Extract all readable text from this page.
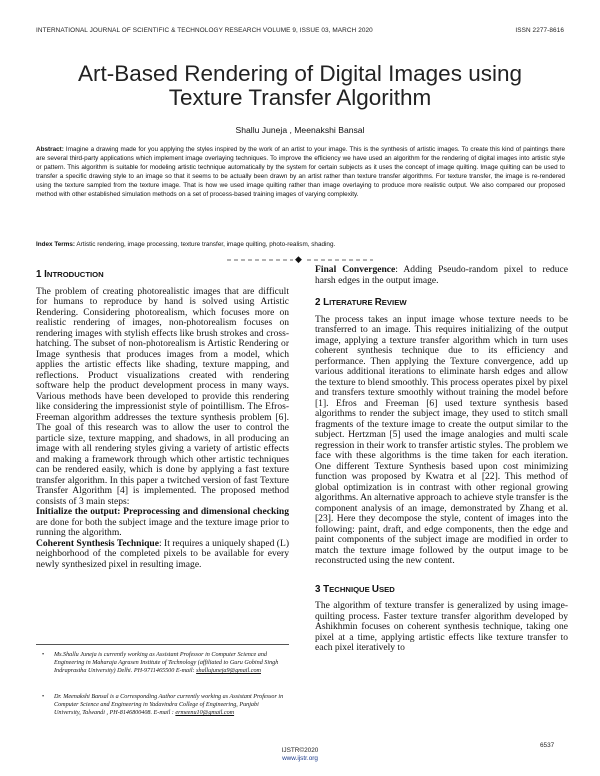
INTERNATIONAL JOURNAL OF SCIENTIFIC & TECHNOLOGY RESEARCH VOLUME 9, ISSUE 03, MARCH 2020	ISSN 2277-8616
Art-Based Rendering of Digital Images using
Texture Transfer Algorithm
Shallu Juneja , Meenakshi Bansal
Abstract: Imagine a drawing made for you applying the styles inspired by the work of an artist to your image. This is the synthesis of artistic images. To create this kind of paintings there are several third-party applications which implement image overlaying techniques. To improve the efficiency we have used an algorithm for the rendering of digital images into artistic style or pattern. This algorithm is suitable for modeling artistic technique automatically by the system for certain subjects as it uses the concept of image quilting. Image quilting can be used to transfer a specific drawing style to an image so that it seems to be actually been drawn by an artist rather than texture transfer algorithms. For texture transfer, the image is re-rendered using the texture sampled from the texture image. That is how we used image quilting rather than image overlaying to produce more realistic output. We also compared our proposed method with other established simulation methods on a set of process-based training images of varying complexity.
Index Terms: Artistic rendering, image processing, texture transfer, image quilting, photo-realism, shading.
◆
1 INTRODUCTION

The problem of creating photorealistic images that are difficult for humans to reproduce by hand is solved using Artistic Rendering. Considering photorealism, which focuses more on realistic rendering of images, non-photorealism focuses on rendering images with stylish effects like brush strokes and cross-hatching. The subset of non-photorealism is Artistic Rendering or Image synthesis that produces images from a model, which applies the artistic effects like shading, texture mapping, and reflections. Product visualizations created with rendering software help the product development process in many ways. Various methods have been developed to provide this rendering like considering the impressionist style of pointillism. The Efros-Freeman algorithm addresses the texture synthesis problem [6]. The goal of this research was to allow the user to control the particle size, texture mapping, and shadows, in all producing an image with all rendering styles giving a variety of artistic effects and making a framework through which other artistic techniques can be rendered easily, which is done by applying a fast texture transfer algorithm. In this paper a twitched version of fast Texture Transfer Algorithm [4] is implemented. The proposed method consists of 3 main steps:

Initialize the output: Preprocessing and dimensional checking are done for both the subject image and the texture image prior to running the algorithm.

Coherent Synthesis Technique: It requires a uniquely shaped (L) neighborhood of the completed pixels to be available for every newly synthesized pixel in resulting image.

• Ms.Shallu Juneja is currently working as Assistant Professor in Computer Science and Engineering in Maharaja Agrasen Institute of Technology (affiliated to Guru Gobind Singh Indraprastha University) Delhi. PH-9711465500 E-mail: shallujuneja9@gmail.com
• Dr. Meenakshi Bansal is a Corresponding Author currently working as Assistant Professor in Computer Science and Engineering in Yadavindra College of Engineering, Punjabi University, Talwandi , PH-8146800408. E-mail : ermeenu10@gmail.com

Final Convergence: Adding Pseudo-random pixel to reduce harsh edges in the output image.

2 LITERATURE REVIEW

The process takes an input image whose texture needs to be transferred to an image. This requires initializing of the output image, applying a texture transfer algorithm which in turn uses coherent synthesis technique due to its efficiency and performance. Then applying the Texture convergence, add up various additional iterations to eliminate harsh edges and allow the texture to blend smoothly. This process operates pixel by pixel and transfers texture smoothly without training the model before [1]. Efros and Freeman [6] used texture synthesis based algorithms to render the subject image, they used to stitch small fragments of the texture image to create the output similar to the subject. Hertzman [5] used the image analogies and multi scale regression in their work to transfer artistic styles. The problem we face with these algorithms is the time taken for each iteration. One different Texture Synthesis based upon cost minimizing function was proposed by Kwatra et al [22]. This method of global optimization is in contrast with other regional growing algorithms. An alternative approach to achieve style transfer is the component analysis of an image, demonstrated by Zhang et al. [23]. Here they decompose the style, content of images into the following: paint, draft, and edge components, then the edge and paint components of the subject image are modified in order to match the texture image followed by the output image to be reconstructed using the new content.

3 TECHNIQUE USED

The algorithm of texture transfer is generalized by using image-quilting process. Faster texture transfer algorithm developed by Ashikhmin focuses on coherent synthesis technique, taking one pixel at a time, applying artistic effects like texture transfer to each pixel iteratively to

6537
IJSTR©2020
www.ijstr.org
